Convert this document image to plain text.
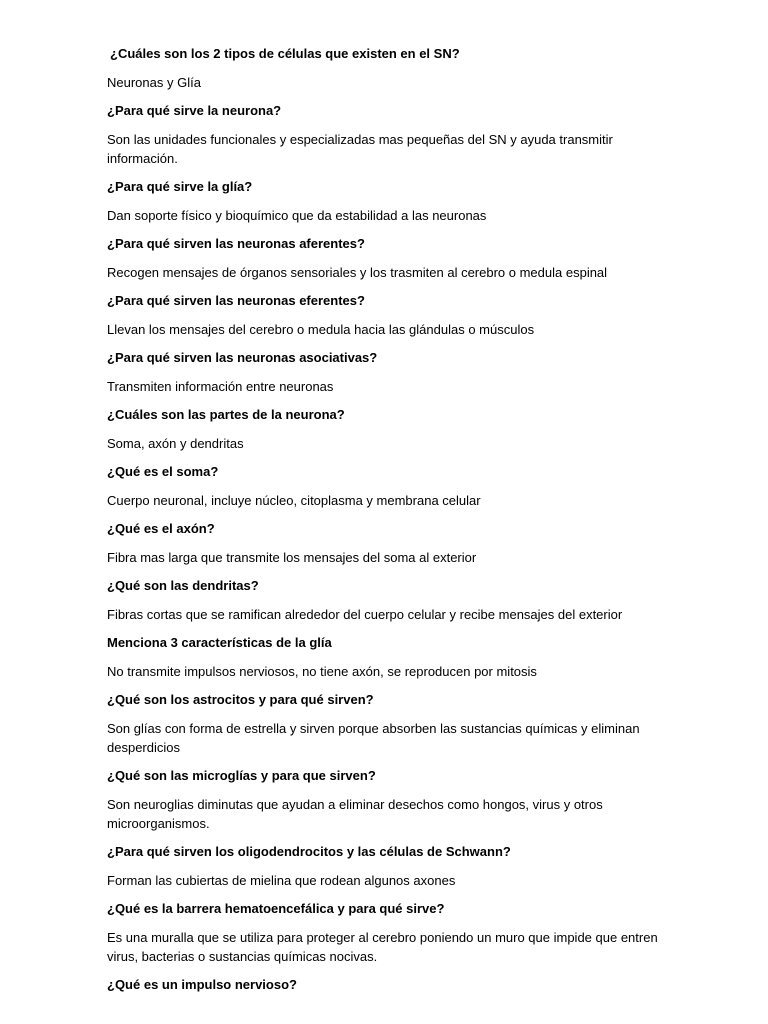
¿Cuáles son los 2 tipos de células que existen en el SN?

Neuronas y Glía

¿Para qué sirve la neurona?

Son las unidades funcionales y especializadas mas pequeñas del SN y ayuda transmitir información.

¿Para qué sirve la glía?

Dan soporte físico y bioquímico que da estabilidad a las neuronas

¿Para qué sirven las neuronas aferentes?

Recogen mensajes de órganos sensoriales y los trasmiten al cerebro o medula espinal

¿Para qué sirven las neuronas eferentes?

Llevan los mensajes del cerebro o medula hacia las glándulas o músculos

¿Para qué sirven las neuronas asociativas?

Transmiten información entre neuronas

¿Cuáles son las partes de la neurona?

Soma, axón y dendritas

¿Qué es el soma?

Cuerpo neuronal, incluye núcleo, citoplasma y membrana celular

¿Qué es el axón?

Fibra mas larga que transmite los mensajes del soma al exterior

¿Qué son las dendritas?

Fibras cortas que se ramifican alrededor del cuerpo celular y recibe mensajes del exterior

Menciona 3 características de la glía

No transmite impulsos nerviosos, no tiene axón, se reproducen por mitosis

¿Qué son los astrocitos y para qué sirven?

Son glías con forma de estrella y sirven porque absorben las sustancias químicas y eliminan desperdicios

¿Qué son las microglías y para que sirven?

Son neuroglias diminutas que ayudan a eliminar desechos como hongos, virus y otros microorganismos.

¿Para qué sirven los oligodendrocitos y las células de Schwann?

Forman las cubiertas de mielina que rodean algunos axones

¿Qué es la barrera hematoencefálica y para qué sirve?

Es una muralla que se utiliza para proteger al cerebro poniendo un muro que impide que entren virus, bacterias o sustancias químicas nocivas.

¿Qué es un impulso nervioso?
